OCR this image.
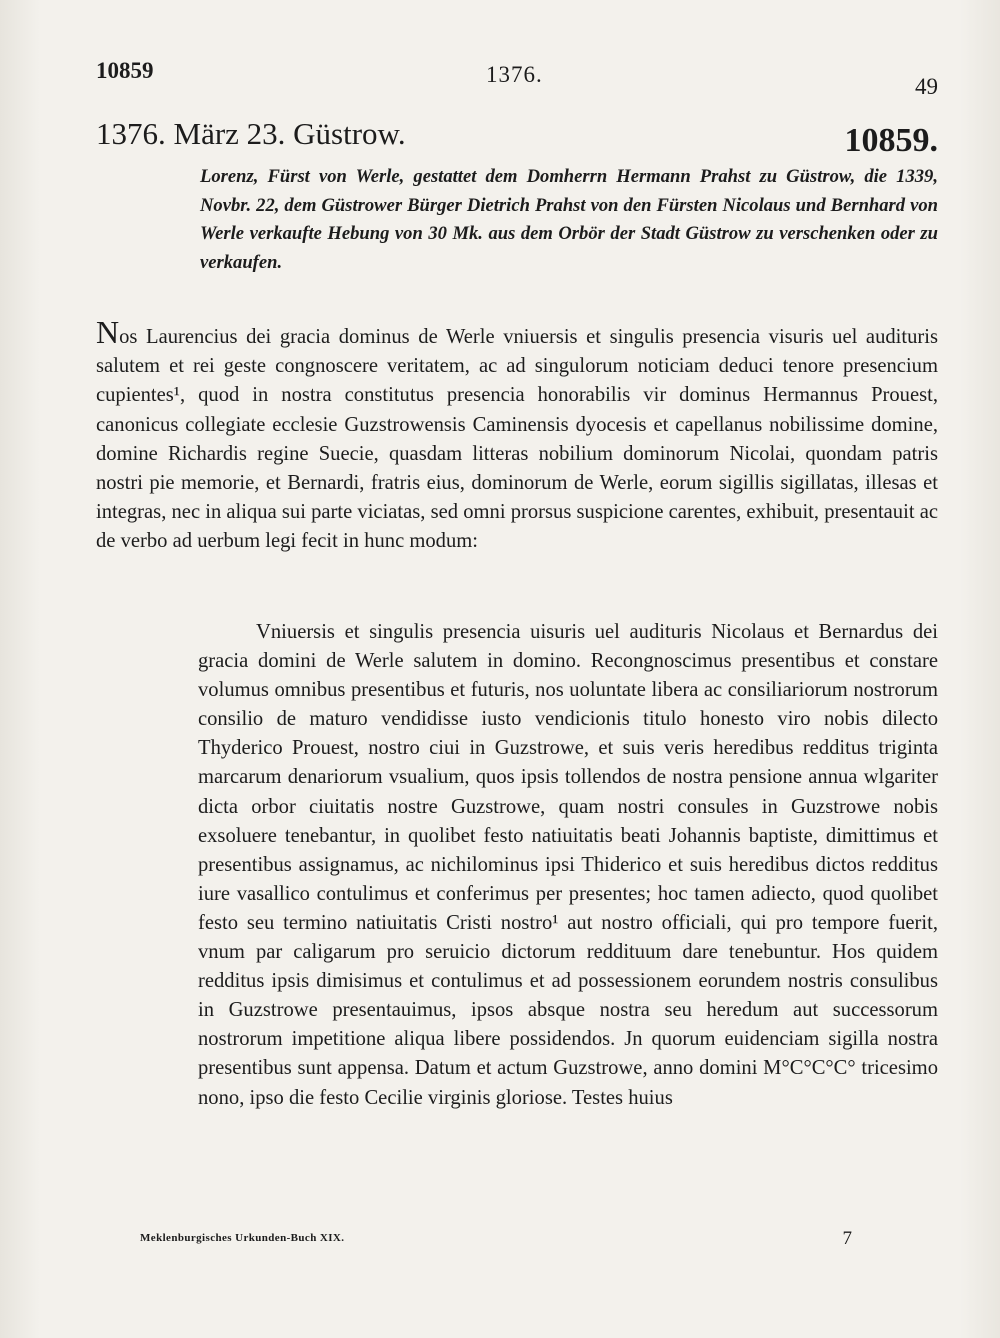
10859	1376.	49
1376. März 23. Güstrow.	10859.
Lorenz, Fürst von Werle, gestattet dem Domherrn Hermann Prahst zu Güstrow, die 1339, Novbr. 22, dem Güstrower Bürger Dietrich Prahst von den Fürsten Nicolaus und Bernhard von Werle verkaufte Hebung von 30 Mk. aus dem Orbör der Stadt Güstrow zu verschenken oder zu verkaufen.
Nos Laurencius dei gracia dominus de Werle vniuersis et singulis presencia visuris uel audituris salutem et rei geste congnoscere veritatem, ac ad singulorum noticiam deduci tenore presencium cupientes¹, quod in nostra constitutus presencia honorabilis vir dominus Hermannus Prouest, canonicus collegiate ecclesie Guzstrowensis Caminensis dyocesis et capellanus nobilissime domine, domine Richardis regine Suecie, quasdam litteras nobilium dominorum Nicolai, quondam patris nostri pie memorie, et Bernardi, fratris eius, dominorum de Werle, eorum sigillis sigillatas, illesas et integras, nec in aliqua sui parte viciatas, sed omni prorsus suspicione carentes, exhibuit, presentauit ac de verbo ad uerbum legi fecit in hunc modum:
Vniuersis et singulis presencia uisuris uel audituris Nicolaus et Bernardus dei gracia domini de Werle salutem in domino. Recongnoscimus presentibus et constare volumus omnibus presentibus et futuris, nos uoluntate libera ac consiliariorum nostrorum consilio de maturo vendidisse iusto vendicionis titulo honesto viro nobis dilecto Thyderico Prouest, nostro ciui in Guzstrowe, et suis veris heredibus redditus triginta marcarum denariorum vsualium, quos ipsis tollendos de nostra pensione annua wlgariter dicta orbor ciuitatis nostre Guzstrowe, quam nostri consules in Guzstrowe nobis exsoluere tenebantur, in quolibet festo natiuitatis beati Johannis baptiste, dimittimus et presentibus assignamus, ac nichilominus ipsi Thiderico et suis heredibus dictos redditus iure vasallico contulimus et conferimus per presentes; hoc tamen adiecto, quod quolibet festo seu termino natiuitatis Cristi nostro¹ aut nostro officiali, qui pro tempore fuerit, vnum par caligarum pro seruicio dictorum reddituum dare tenebuntur. Hos quidem redditus ipsis dimisimus et contulimus et ad possessionem eorundem nostris consulibus in Guzstrowe presentauimus, ipsos absque nostra seu heredum aut successorum nostrorum impetitione aliqua libere possidendos. Jn quorum euidenciam sigilla nostra presentibus sunt appensa. Datum et actum Guzstrowe, anno domini M°C°C°C° tricesimo nono, ipso die festo Cecilie virginis gloriose. Testes huius
Meklenburgisches Urkunden-Buch XIX.	7
